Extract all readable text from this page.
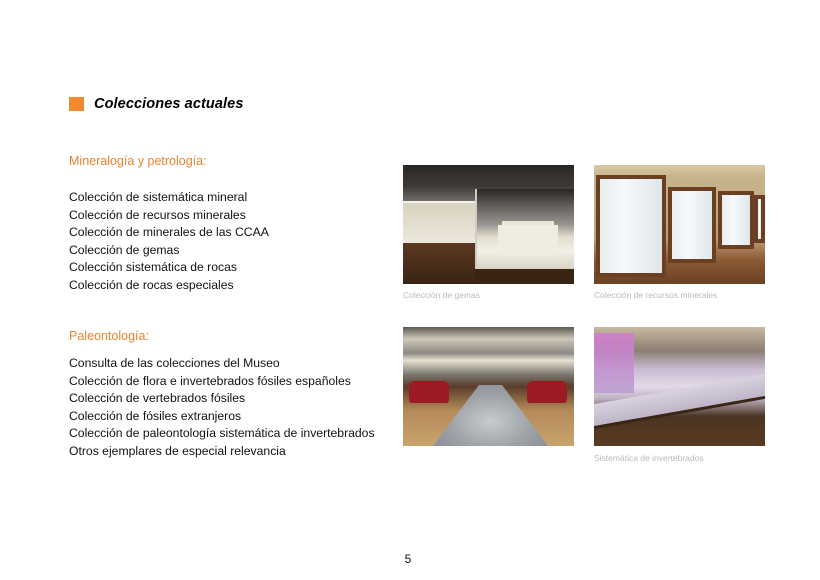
Colecciones actuales
Mineralogía y petrología:
Colección de sistemática mineral
Colección de recursos minerales
Colección de minerales de las CCAA
Colección de gemas
Colección sistemática de rocas
Colección de rocas especiales
Paleontología:
Consulta de las colecciones del Museo
Colección de flora e invertebrados fósiles españoles
Colección de vertebrados fósiles
Colección de fósiles extranjeros
Colección de paleontología sistemática de invertebrados
Otros ejemplares de especial relevancia
Colección de gemas	Colección de recursos minerales
Sistemática de invertebrados
5
